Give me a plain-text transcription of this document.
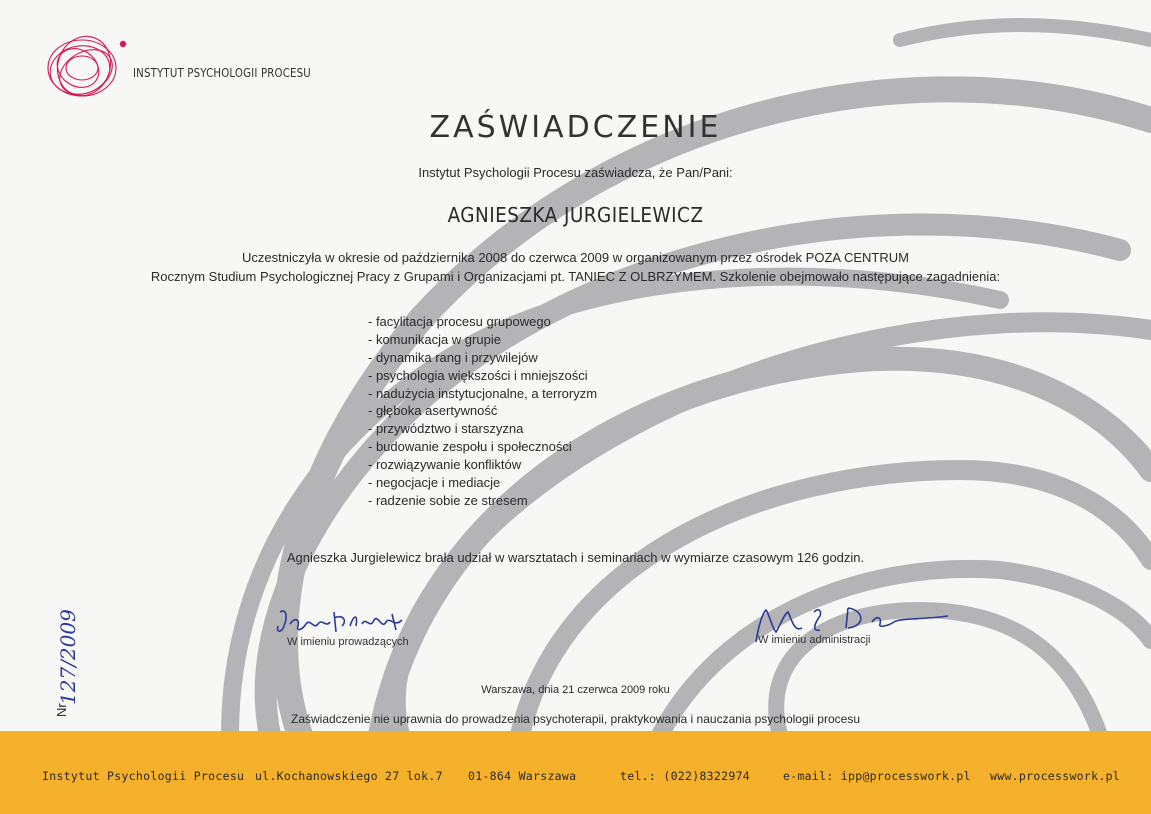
INSTYTUT PSYCHOLOGII PROCESU
ZAŚWIADCZENIE
Instytut Psychologii Procesu zaświadcza, że Pan/Pani:
AGNIESZKA JURGIELEWICZ
Uczestniczyła w okresie od października 2008 do czerwca 2009 w organizowanym przez ośrodek POZA CENTRUM
Rocznym Studium Psychologicznej Pracy z Grupami i Organizacjami pt. TANIEC Z OLBRZYMEM. Szkolenie obejmowało następujące zagadnienia:
- facylitacja procesu grupowego
- komunikacja w grupie
- dynamika rang i przywilejów
- psychologia większości i mniejszości
- nadużycia instytucjonalne, a terroryzm
- głęboka asertywność
- przywództwo i starszyzna
- budowanie zespołu i społeczności
- rozwiązywanie konfliktów
- negocjacje i mediacje
- radzenie sobie ze stresem
Agnieszka Jurgielewicz brała udział w warsztatach i seminariach w wymiarze czasowym 126 godzin.
W imieniu prowadzących	W imieniu administracji
Nr
127/2009	Warszawa, dnia 21 czerwca 2009 roku
Zaświadczenie nie uprawnia do prowadzenia psychoterapii, praktykowania i nauczania psychologii procesu
Instytut Psychologii Procesu ul.Kochanowskiego 27 lok.7 01-864 Warszawa	tel.: (022)8322974	e-mail: ipp@processwork.pl www.processwork.pl
